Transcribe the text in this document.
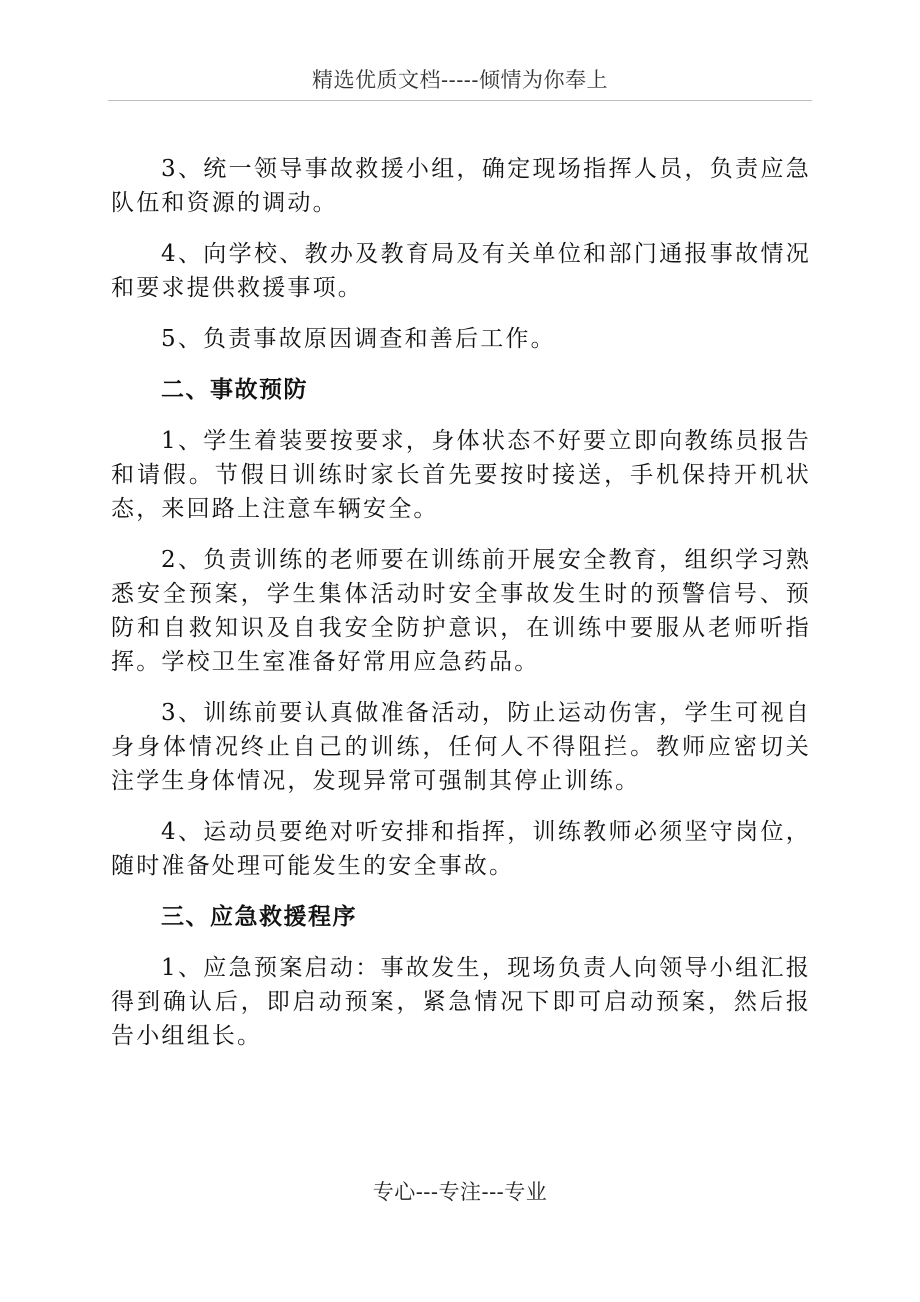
精选优质文档-----倾情为你奉上

3、统一领导事故救援小组，确定现场指挥人员，负责应急队伍和资源的调动。

4、向学校、教办及教育局及有关单位和部门通报事故情况和要求提供救援事项。

5、负责事故原因调查和善后工作。

二、事故预防

1、学生着装要按要求，身体状态不好要立即向教练员报告和请假。节假日训练时家长首先要按时接送，手机保持开机状态，来回路上注意车辆安全。

2、负责训练的老师要在训练前开展安全教育，组织学习熟悉安全预案，学生集体活动时安全事故发生时的预警信号、预防和自救知识及自我安全防护意识，在训练中要服从老师听指挥。学校卫生室准备好常用应急药品。

3、训练前要认真做准备活动，防止运动伤害，学生可视自身身体情况终止自己的训练，任何人不得阻拦。教师应密切关注学生身体情况，发现异常可强制其停止训练。

4、运动员要绝对听安排和指挥，训练教师必须坚守岗位，随时准备处理可能发生的安全事故。

三、应急救援程序

1、应急预案启动：事故发生，现场负责人向领导小组汇报得到确认后，即启动预案，紧急情况下即可启动预案，然后报告小组组长。

专心---专注---专业
